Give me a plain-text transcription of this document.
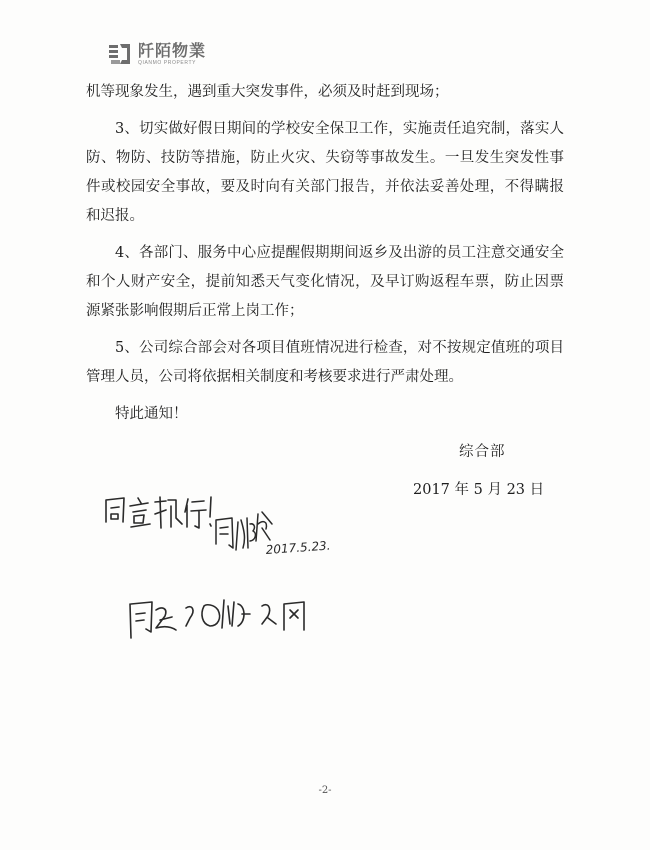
阡陌物業
QIANMO PROPERTY

机等现象发生，遇到重大突发事件，必须及时赶到现场；

3、切实做好假日期间的学校安全保卫工作，实施责任追究制，落实人防、物防、技防等措施，防止火灾、失窃等事故发生。一旦发生突发性事件或校园安全事故，要及时向有关部门报告，并依法妥善处理，不得瞒报和迟报。

4、各部门、服务中心应提醒假期期间返乡及出游的员工注意交通安全和个人财产安全，提前知悉天气变化情况，及早订购返程车票，防止因票源紧张影响假期后正常上岗工作；

5、公司综合部会对各项目值班情况进行检查，对不按规定值班的项目管理人员，公司将依据相关制度和考核要求进行严肃处理。

特此通知！

综合部
2017 年 5 月 23 日
2017.5.23.
-2-
